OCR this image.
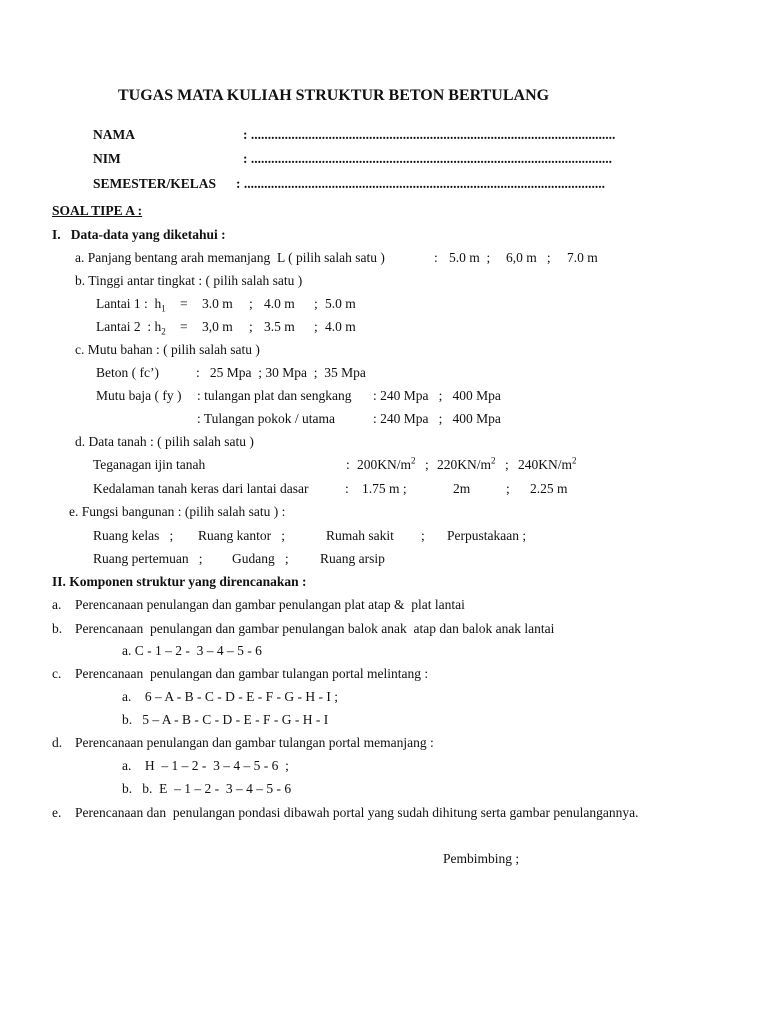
TUGAS MATA KULIAH STRUKTUR BETON BERTULANG
NAMA	: ............................................................................................................
NIM	: ...........................................................................................................
SEMESTER/KELAS : ...........................................................................................................
SOAL TIPE A :
I.   Data-data yang diketahui :
a. Panjang bentang arah memanjang  L ( pilih salah satu )	: 5.0 m  ; 6,0 m   ; 7.0 m
b. Tinggi antar tingkat : ( pilih salah satu )
Lantai 1 :  $h_1 = 3.0$ m ; 4.0 m ; 5.0 m
Lantai 2  : $h_2 = 3,0$ m ; 3.5 m ; 4.0 m
c. Mutu bahan : ( pilih salah satu )
Beton ( fc’)	:   25 Mpa  ; 30 Mpa  ;  35 Mpa
Mutu baja ( fy ) : tulangan plat dan sengkang : 240 Mpa   ;   400 Mpa
: Tulangan pokok / utama	: 240 Mpa   ;   400 Mpa
d. Data tanah : ( pilih salah satu )
Teganagan ijin tanah	: $200KN/m^2$ ; $220KN/m^2$ ; $240KN/m^2$
Kedalaman tanah keras dari lantai dasar	: 1.75 m ;	2m	; 2.25 m
e. Fungsi bangunan : (pilih salah satu ) :
Ruang kelas   ; Ruang kantor   ;	Rumah sakit ; Perpustakaan ;
Ruang pertemuan   ; Gudang   ; Ruang arsip
II. Komponen struktur yang direncanakan :
a. Perencanaan penulangan dan gambar penulangan plat atap &  plat lantai
b. Perencanaan  penulangan dan gambar penulangan balok anak  atap dan balok anak lantai
a. C - 1 – 2 -  3 – 4 – 5 - 6
c. Perencanaan  penulangan dan gambar tulangan portal melintang :
a.    6 – A - B - C - D - E - F - G - H - I ;
b.   5 – A - B - C - D - E - F - G - H - I
d. Perencanaan penulangan dan gambar tulangan portal memanjang :
a.    H  – 1 – 2 -  3 – 4 – 5 - 6  ;
b.   b.  E  – 1 – 2 -  3 – 4 – 5 - 6
e. Perencanaan dan  penulangan pondasi dibawah portal yang sudah dihitung serta gambar penulangannya.
Pembimbing ;
